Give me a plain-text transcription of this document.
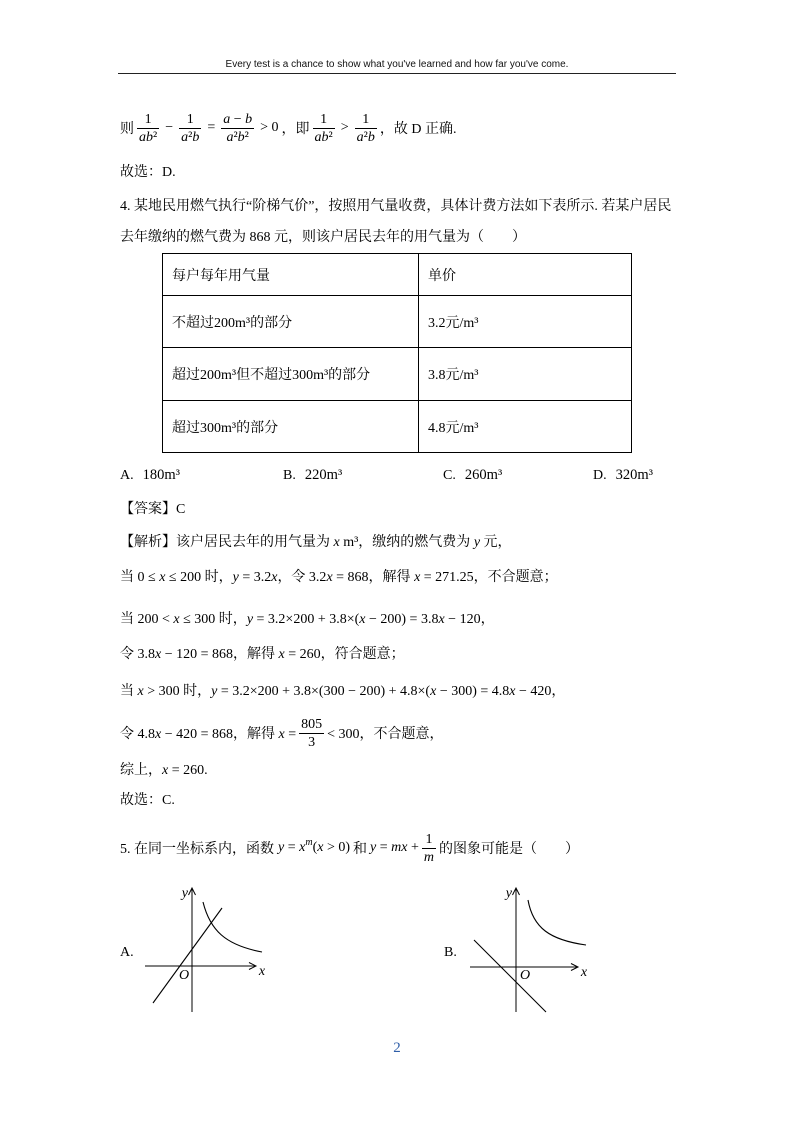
Every test is a chance to show what you've learned and how far you've come.
则 $\frac{1}{\text{ab²}} - \frac{1}{\text{a²b}} = \frac{a - b}{\text{a²b²}} > 0$ ，即 $\frac{1}{\text{ab²}} > \frac{1}{\text{a²b}}$ ，故 D 正确.
故选：D.
4. 某地民用燃气执行“阶梯气价”，按照用气量收费，具体计费方法如下表所示. 若某户居民
去年缴纳的燃气费为 868 元，则该户居民去年的用气量为（　　）
每户每年用气量	单价
不超过200m³的部分	3.2元/m³
超过200m³但不超过300m³的部分	3.8元/m³
超过300m³的部分	4.8元/m³
A. 180m³	B. 220m³	C. 260m³	D. 320m³
【答案】C
【解析】该户居民去年的用气量为 x m³，缴纳的燃气费为 y 元，
当 0 ≤ x ≤ 200 时，y = 3.2x，令 3.2x = 868，解得 x = 271.25，不合题意；
当 200 < x ≤ 300 时，y = 3.2×200 + 3.8×(x − 200) = 3.8x − 120，
令 3.8x − 120 = 868，解得 x = 260，符合题意；
当 x > 300 时，y = 3.2×200 + 3.8×(300 − 200) + 4.8×(x − 300) = 4.8x − 420，
令 4.8x − 420 = 868，解得 $x = \frac{805}{3} < 300$，不合题意，
综上，x = 260.
故选：C.
5. 在同一坐标系内，函数 $y = x^m(x > 0)$ 和 y = mx + $\frac{1}{m}$ 的图象可能是（　　）
A.
y
x
O
B.
y
x
O
2
